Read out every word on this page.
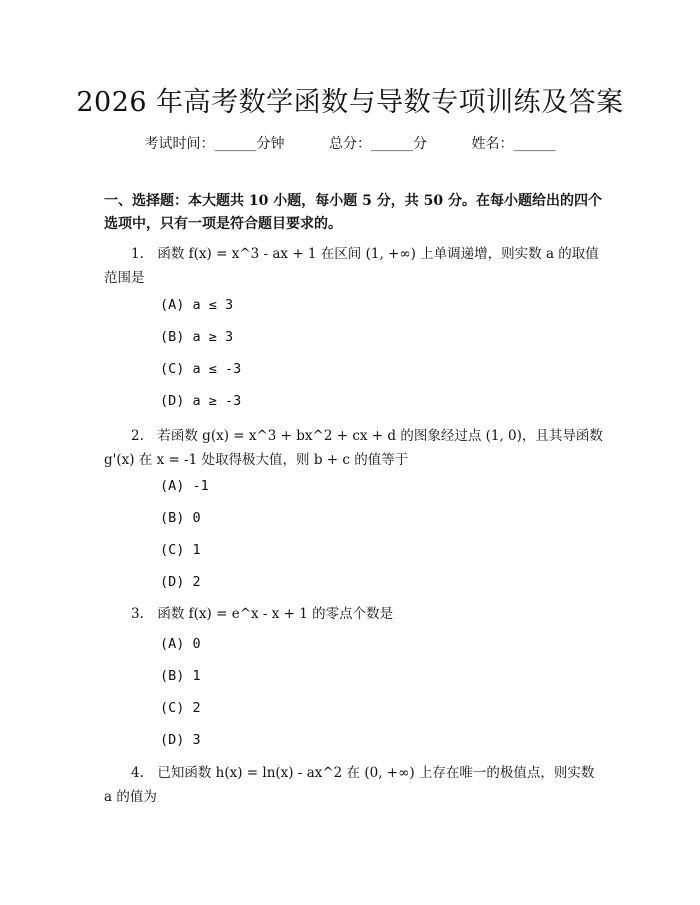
2026 年高考数学函数与导数专项训练及答案
考试时间：______分钟	总分：______分	姓名：______
一、选择题：本大题共 10 小题，每小题 5 分，共 50 分。在每小题给出的四个选项中，只有一项是符合题目要求的。
　　1.　函数 f(x) = x^3 - ax + 1 在区间 (1, +∞) 上单调递增，则实数 a 的取值范围是
(A) a ≤ 3
(B) a ≥ 3
(C) a ≤ -3
(D) a ≥ -3
　　2.　若函数 g(x) = x^3 + bx^2 + cx + d 的图象经过点 (1, 0)，且其导函数 g'(x) 在 x = -1 处取得极大值，则 b + c 的值等于
(A) -1
(B) 0
(C) 1
(D) 2
　　3.　函数 f(x) = e^x - x + 1 的零点个数是
(A) 0
(B) 1
(C) 2
(D) 3
　　4.　已知函数 h(x) = ln(x) - ax^2 在 (0, +∞) 上存在唯一的极值点，则实数 a 的值为
